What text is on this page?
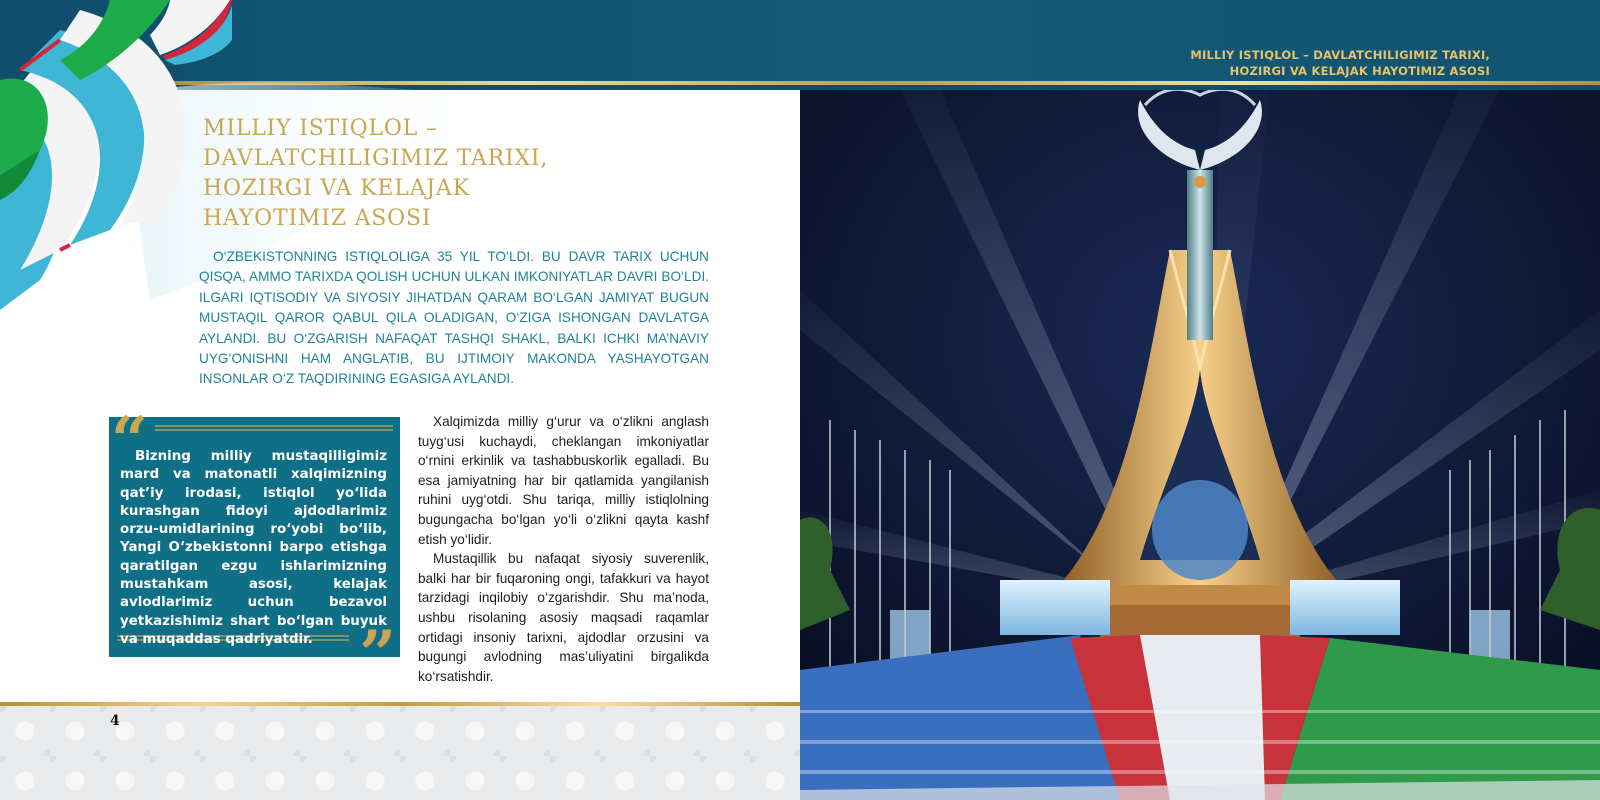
MILLIY ISTIQLOL – DAVLATCHILIGIMIZ TARIXI,
HOZIRGI VA KELAJAK HAYOTIMIZ ASOSI
MILLIY ISTIQLOL –
DAVLATCHILIGIMIZ TARIXI,
HOZIRGI VA KELAJAK
HAYOTIMIZ ASOSI
O‘ZBEKISTONNING ISTIQLOLIGA 35 YIL TO‘LDI. BU DAVR TARIX UCHUN QISQA, AMMO TARIXDA QOLISH UCHUN ULKAN IMKONIYATLAR DAVRI BO‘LDI. ILGARI IQTISODIY VA SIYOSIY JIHATDAN QARAM BO‘LGAN JAMIYAT BUGUN MUSTAQIL QAROR QABUL QILA OLADIGAN, O‘ZIGA ISHONGAN DAVLATGA AYLANDI. BU O‘ZGARISH NAFAQAT TASHQI SHAKL, BALKI ICHKI MA’NAVIY UYG‘ONISHNI HAM ANGLATIB, BU IJTIMOIY MAKONDA YASHAYOTGAN INSONLAR O‘Z TAQDIRINING EGASIGA AYLANDI.
“
Bizning milliy mustaqilligimiz mard va matonatli xalqimizning qat’iy irodasi, istiqlol yo‘lida kurashgan fidoyi ajdodlarimiz orzu-umidlarining ro‘yobi bo‘lib, Yangi O‘zbekistonni barpo etishga qaratilgan ezgu ishlarimizning mustahkam asosi, kelajak avlodlarimiz uchun bezavol yetkazishimiz shart bo‘lgan buyuk va muqaddas qadriyatdir. ”

Xalqimizda milliy g‘urur va o‘zlikni anglash tuyg‘usi kuchaydi, cheklangan imkoniyatlar o‘rnini erkinlik va tashabbuskorlik egalladi. Bu esa jamiyatning har bir qatlamida yangilanish ruhini uyg‘otdi. Shu tariqa, milliy istiqlolning bugungacha bo‘lgan yo‘li o‘zlikni qayta kashf etish yo‘lidir.

Mustaqillik bu nafaqat siyosiy suverenlik, balki har bir fuqaroning ongi, tafakkuri va hayot tarzidagi inqilobiy o‘zgarishdir. Shu ma’noda, ushbu risolaning asosiy maqsadi raqamlar ortidagi insoniy tarixni, ajdodlar orzusini va bugungi avlodning mas’uliyatini birgalikda ko‘rsatishdir.

4
